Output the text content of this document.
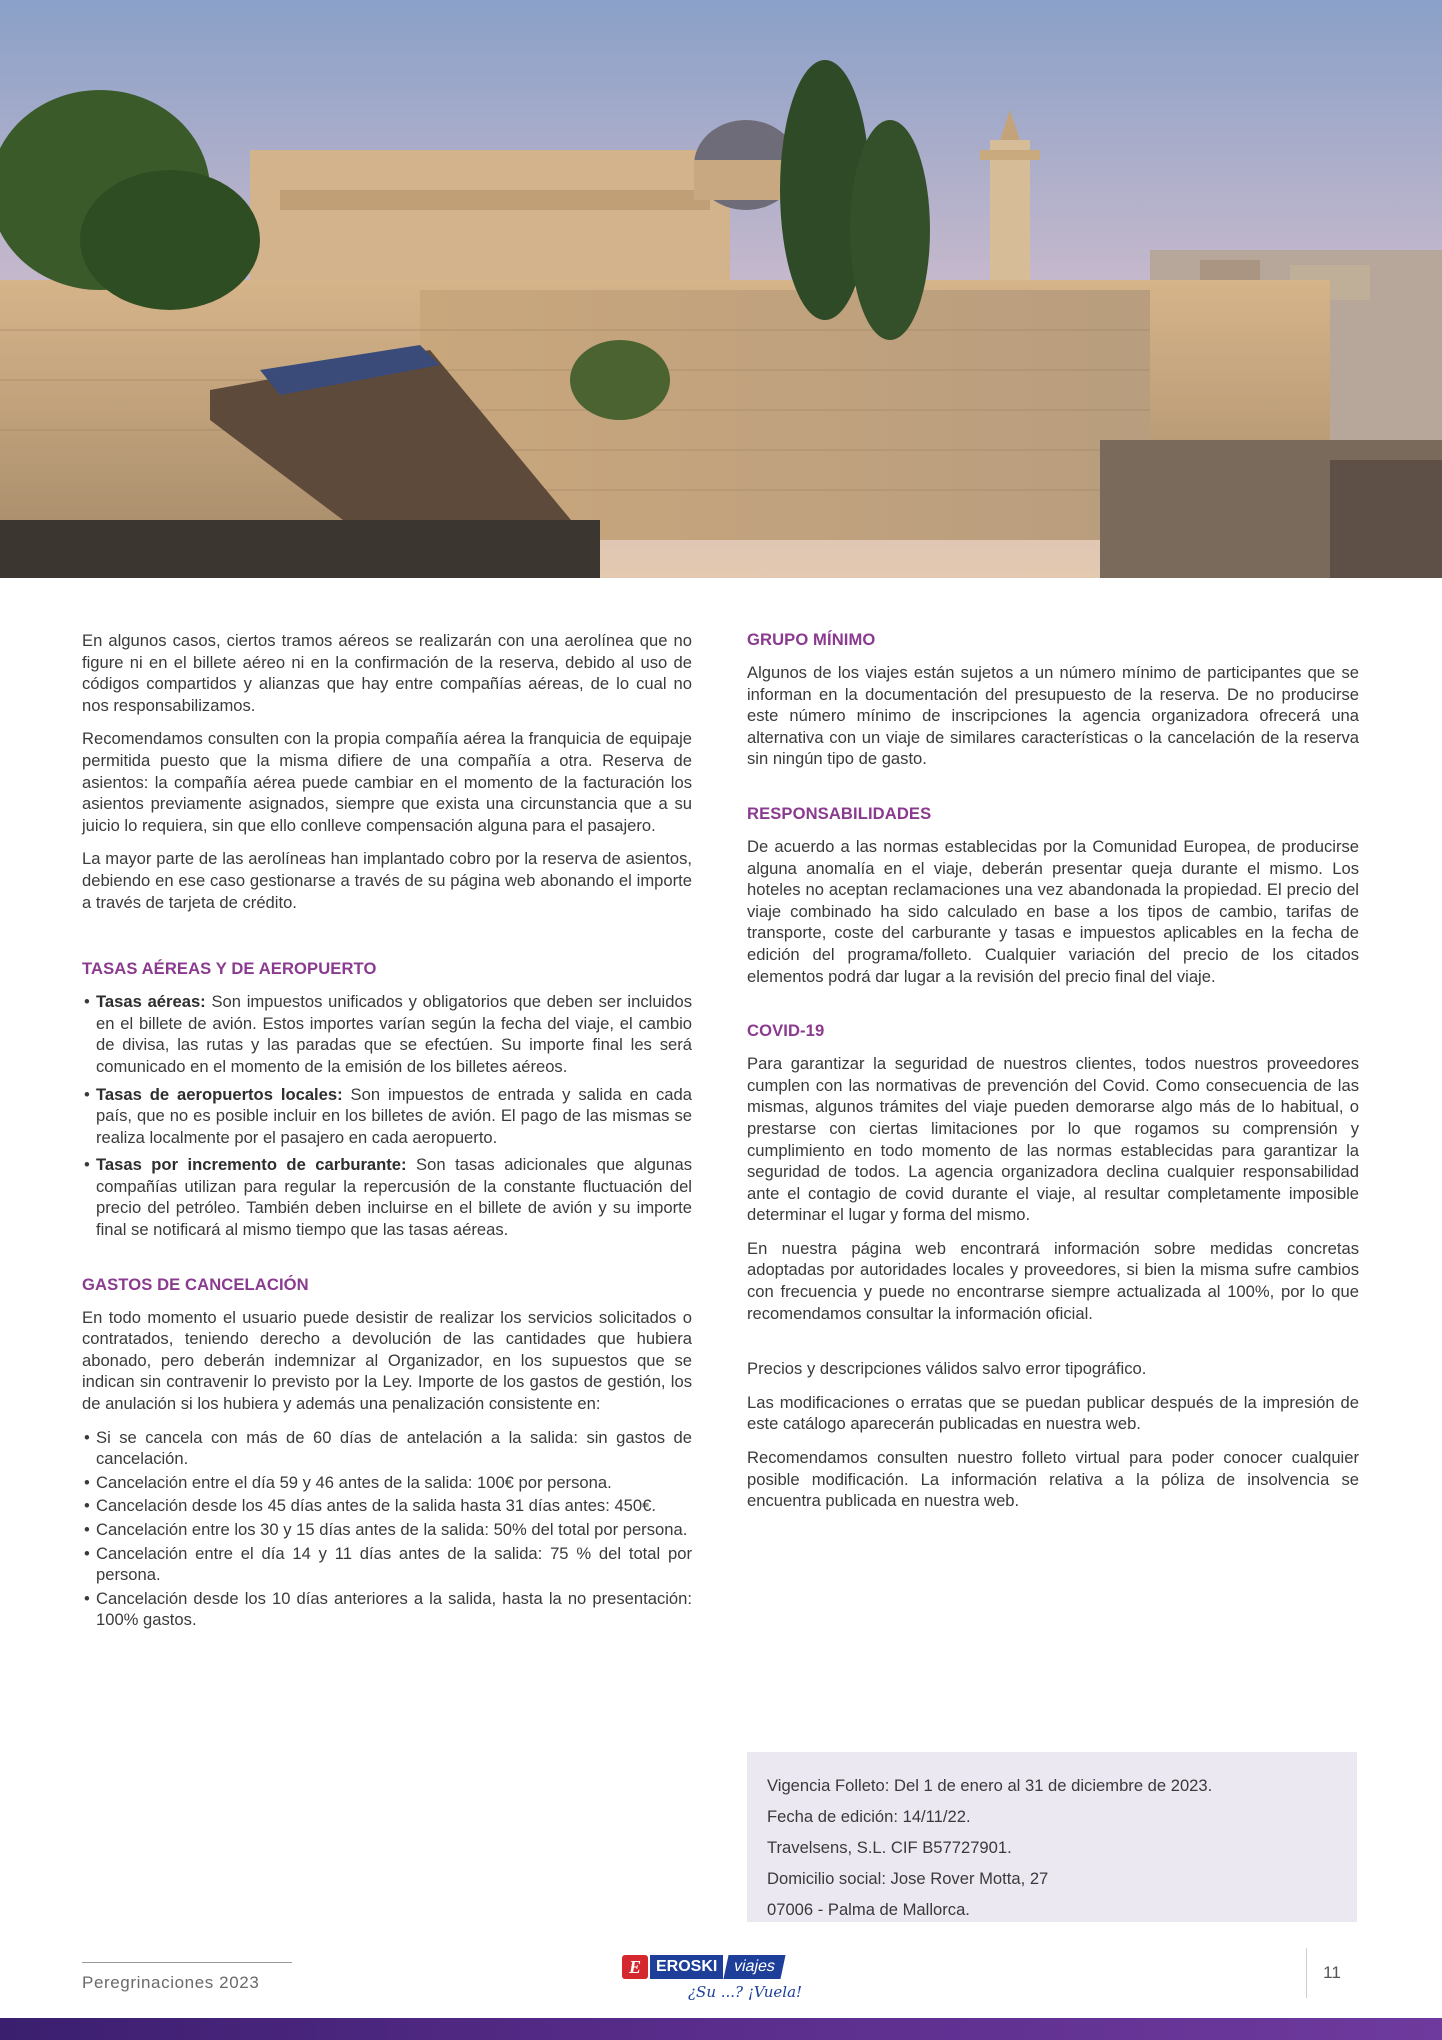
En algunos casos, ciertos tramos aéreos se realizarán con una aerolínea que no figure ni en el billete aéreo ni en la confirmación de la reserva, debido al uso de códigos compartidos y alianzas que hay entre compañías aéreas, de lo cual no nos responsabilizamos.

Recomendamos consulten con la propia compañía aérea la franquicia de equipaje permitida puesto que la misma difiere de una compañía a otra. Reserva de asientos: la compañía aérea puede cambiar en el momento de la facturación los asientos previamente asignados, siempre que exista una circunstancia que a su juicio lo requiera, sin que ello conlleve compensación alguna para el pasajero.

La mayor parte de las aerolíneas han implantado cobro por la reserva de asientos, debiendo en ese caso gestionarse a través de su página web abonando el importe a través de tarjeta de crédito.

TASAS AÉREAS Y DE AEROPUERTO
• Tasas aéreas: Son impuestos unificados y obligatorios que deben ser incluidos en el billete de avión. Estos importes varían según la fecha del viaje, el cambio de divisa, las rutas y las paradas que se efectúen. Su importe final les será comunicado en el momento de la emisión de los billetes aéreos.
• Tasas de aeropuertos locales: Son impuestos de entrada y salida en cada país, que no es posible incluir en los billetes de avión. El pago de las mismas se realiza localmente por el pasajero en cada aeropuerto.
• Tasas por incremento de carburante: Son tasas adicionales que algunas compañías utilizan para regular la repercusión de la constante fluctuación del precio del petróleo. También deben incluirse en el billete de avión y su importe final se notificará al mismo tiempo que las tasas aéreas.
GASTOS DE CANCELACIÓN

En todo momento el usuario puede desistir de realizar los servicios solicitados o contratados, teniendo derecho a devolución de las cantidades que hubiera abonado, pero deberán indemnizar al Organizador, en los supuestos que se indican sin contravenir lo previsto por la Ley. Importe de los gastos de gestión, los de anulación si los hubiera y además una penalización consistente en:

• Si se cancela con más de 60 días de antelación a la salida: sin gastos de cancelación.
• Cancelación entre el día 59 y 46 antes de la salida: 100€ por persona.
• Cancelación desde los 45 días antes de la salida hasta 31 días antes: 450€.
• Cancelación entre los 30 y 15 días antes de la salida: 50% del total por persona.
• Cancelación entre el día 14 y 11 días antes de la salida: 75 % del total por persona.
• Cancelación desde los 10 días anteriores a la salida, hasta la no presentación: 100% gastos.
GRUPO MÍNIMO

Algunos de los viajes están sujetos a un número mínimo de participantes que se informan en la documentación del presupuesto de la reserva. De no producirse este número mínimo de inscripciones la agencia organizadora ofrecerá una alternativa con un viaje de similares características o la cancelación de la reserva sin ningún tipo de gasto.

RESPONSABILIDADES

De acuerdo a las normas establecidas por la Comunidad Europea, de producirse alguna anomalía en el viaje, deberán presentar queja durante el mismo. Los hoteles no aceptan reclamaciones una vez abandonada la propiedad. El precio del viaje combinado ha sido calculado en base a los tipos de cambio, tarifas de transporte, coste del carburante y tasas e impuestos aplicables en la fecha de edición del programa/folleto. Cualquier variación del precio de los citados elementos podrá dar lugar a la revisión del precio final del viaje.

COVID-19

Para garantizar la seguridad de nuestros clientes, todos nuestros proveedores cumplen con las normativas de prevención del Covid. Como consecuencia de las mismas, algunos trámites del viaje pueden demorarse algo más de lo habitual, o prestarse con ciertas limitaciones por lo que rogamos su comprensión y cumplimiento en todo momento de las normas establecidas para garantizar la seguridad de todos. La agencia organizadora declina cualquier responsabilidad ante el contagio de covid durante el viaje, al resultar completamente imposible determinar el lugar y forma del mismo.

En nuestra página web encontrará información sobre medidas concretas adoptadas por autoridades locales y proveedores, si bien la misma sufre cambios con frecuencia y puede no encontrarse siempre actualizada al 100%, por lo que recomendamos consultar la información oficial.

Precios y descripciones válidos salvo error tipográfico.

Las modificaciones o erratas que se puedan publicar después de la impresión de este catálogo aparecerán publicadas en nuestra web.

Recomendamos consulten nuestro folleto virtual para poder conocer cualquier posible modificación. La información relativa a la póliza de insolvencia se encuentra publicada en nuestra web.

Vigencia Folleto: Del 1 de enero al 31 de diciembre de 2023.
Fecha de edición: 14/11/22.
Travelsens, S.L. CIF B57727901.
Domicilio social: Jose Rover Motta, 27
07006 - Palma de Mallorca.
Peregrinaciones 2023
E EROSKI viajes
¿Su ...? ¡Vuela!
11
